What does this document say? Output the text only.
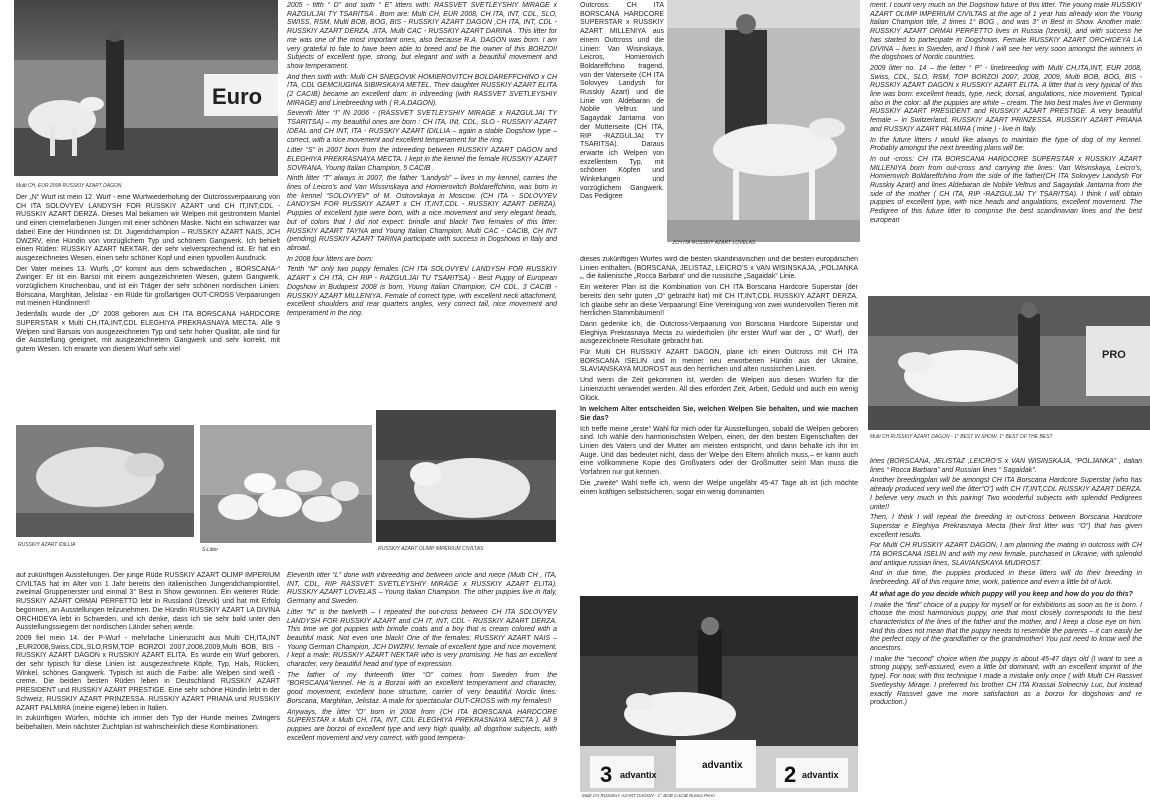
Euro
Multi CH, EUR 2008 RUSSKIY AZART DAGON
RUSSKIY AZART IDILLIA
S-Litter	RUSSKIY AZART OLIMP IMPERIUM CIVILTAS
JCH ITA RUSSKIY AZART LOVELAS
PRO
Multi CH RUSSKIY AZART DAGON - 1° BEST IN SHOW, 1° BEST OF THE BEST
3 advantix
advantix 2 advantix
Multi CH RUSSKIY AZART DAGON - 1° BOB CACIB Russia Perm

Der „N“ Wurf ist mein 12. Wurf - eine Wurfwiederholung der Outcrossverpaarung von CH ITA SOLOVYEV LANDYSH FOR RUSSKIY AZART und CH IT,INT,CDL - RUSSKIY AZART DERZA. Dieses Mal bekamen wir Welpen mit gestromtem Mantel und einen cremefarbenen Jungen mit einer schönen Maske. Nicht ein schwarzer war dabei! Eine der Hündinnen ist: Dt. Jugendchampion – RUSSKIY AZART NAIS, JCH DWZRV, eine Hündin von vorzüglichem Typ und schönem Gangwerk. Ich behielt einen Rüden: RUSSKIY AZART NEKTAR, der sehr vielversprechend ist. Er hat ein ausgezeichnetes Wesen, einen sehr schöner Kopf und einen typvollen Ausdruck.

Der Vater meines 13. Wurfs „O“ kommt aus dem schwedischen „ BORSCANA-“ Zwinger. Er ist ein Barsoi mit einem ausgezeichneten Wesen, gutem Gangwerk, vorzüglichem Knochenbau, und ist ein Träger der sehr schönen nordischen Linien: Borscana, Marghitan, Jelistaz - ein Rüde für großartigen OUT-CROSS Verpaarungen mit meinen Hündinnen!!

Jedenfalls wurde der „O“ 2008 geboren aus CH ITA BORSCANA HARDCORE SUPERSTAR x Multi CH,ITA,INT,CDL ELEGHIYA PREKRASNAYA MECTA. Alle 9 Welpen sind Barsois von ausgezeichneten Typ und sehr hoher Qualität, alle sind für die Ausstellung geeignet, mit ausgezeichnetem Gangwerk und sehr korrekt, mit gutem Wesen. Ich erwarte von diesem Wurf sehr viel

auf zukünftigen Ausstellungen. Der junge Rüde RUSSKIY AZART OLIMP IMPERIUM CIVILTAS hat im Alter von 1 Jahr bereits den italienischen Jungendchampiontitel, zweimal Gruppenerster und einmal 3° Best in Show gewonnen. Ein weiterer Rüde: RUSSKIY AZART ORMAI PERFETTO lebt in Russland (Izevsk) und hat mit Erfolg begonnen, an Ausstellungen teilzunehmen. Die Hündin RUSSKIY AZART LA DIVINA ORCHIDEYA lebt in Schweden, und ich denke, dass ich sie sehr bald unter den Ausstellungssiegern der nordischen Länder sehen werde.

2009 fiel mein 14. der P-Wurf - mehrfache Linienzucht aus Multi CH,ITA,INT „EUR2008,Swiss,CDL,SLO,RSM,TOP BORZOI 2007,2008,2009,Multi BOB, BIS - RUSSKIY AZART DAGON x RUSSKIY AZART ELITA. Es wurde ein Wurf geboren, der sehr typisch für diese Linien ist: ausgezeichnete Köpfe, Typ, Hals, Rücken, Winkel, schönes Gangwerk. Typisch ist auch die Farbe: alle Welpen sind weiß - creme. Die beiden besten Rüden leben in Deutschland RUSSKIY AZART PRESIDENT und RUSSKIY AZART PRESTIGE. Eine sehr schöne Hündin lebt in der Schweiz, RUSSKIY AZART PRINZESSA. RUSSKIY AZART PRIANA und RUSSKIY AZART PALMIRA (meine eigene) leben in Italien.

In zukünftigen Würfen, möchte ich immer den Typ der Hunde meines Zwingers beibehalten. Mein nächster Zuchtplan ist wahrscheinlich diese Kombinationen:

2005 - fifth “ D” and sixth “ E” litters with: RASSVET SVETLEYSHIY MIRAGE x RAZGULJAI TY TSARITSA . Born are: Multi CH, EUR 2008, CH ITA, INT, CDL, SLO, SWISS, RSM, Multi BOB, BOG, BIS - RUSSKIY AZART DAGON ,CH ITA, INT, CDL -RUSSKIY AZART DERZA, JITA, Multi CAC - RUSSKIY AZART DARINA . This litter for me was one of the most important ones, also because R.A. DAGON was born. I am very grateful to fate to have been able to breed and be the owner of this BORZOI! Subjects of excellent type, strong, but elegant and with a beautiful movement and show temperament.

And then sixth with: Multi CH SNEGOVIK HOMIEROVITCH BOLDAREFFCHINO x CH ITA, CDL GEMCIUGINA SIBIRSKAYA METEL. Their daughter RUSSKIY AZART ELITA (2 CACIB) became an excellent dam: in inbreeding (with RASSVET SVETLEYSHIY MIRAGE) and Linebreeding with ( R.A.DAGON).

Seventh litter “I” IN 2006 - (RASSVET SVETLEYSHIY MIRAGE x RAZGULJAI TY TSARITSA) – my beautiful ones are born : CH ITA, INt, CDL, SLO - RUSSKIY AZART IDEAL and CH INT, ITA - RUSSKIY AZART IDILLIA – again a stable Dogshow type – correct, with a nice movement and excellent temperament for the ring.

Litter “S” in 2007 born from the inbreeding between RUSSKIY AZART DAGON and ELEGHIYA PREKRASNAYA MECTA. I kept in the kennel the female RUSSKIY AZART SOVRANA, Young Italian Champion, 5 CACIB .

Ninth litter “T” always in 2007, the father “Landysh” – lives in my kennel, carries the lines of Leicro’s and Van Wissinskaya and Homierovitch Boldareffchino, was born in the kennel “SOLOVYEV” of M. Ostrovskaya in Moscow. (CH ITA - SOLOVYEV LANDYSH FOR RUSSKIY AZART x CH IT,INT,CDL - RUSSKIY AZART DERZA). Puppies of excellent type were born, with a nice movement and very elegant heads, but of colors that I did not expect: brindle and black! Two females of this litter: RUSSKIY AZART TAYNA and Young Italian Champion, Multi CAC - CACIB, CH INT (pending) RUSSKIY AZART TARINA participate with success in Dogshows in Italy and abroad.

In 2008 four litters are born:

Tenth “M” only two puppy females (CH ITA SOLOVYEV LANDYSH FOR RUSSKIY AZART x CH ITA, CH RIP - RAZGULJAI TU TSARITSA) - Best Puppy of European Dogshow in Budapest 2008 is born, Young Italian Champion, CH CDL, 3 CACIB -RUSSKIY AZART MILLENIYA. Female of correct type, with excellent neck attachment, excellent shoulders and rear quarters angles, very correct tail, nice movement and temperament in the ring.

Eleventh litter “L” done with inbreeding and between uncle and niece (Multi CH , ITA, INT, CDL, RIP RASSVET SVETLEYSHIY MIRAGE x RUSSKIY AZART ELITA). RUSSKIY AZART LOVELAS – Young Italian Champion. The other puppies live in Italy, Germany and Sweden.

Litter “N” is the twelveth – I repeated the out-cross between CH ITA SOLOVYEV LANDYSH FOR RUSSKIY AZART and CH IT, INT, CDL - RUSSKIY AZART DERZA. This time we got puppies with brindle coats and a boy that is cream colored with a beautiful mask. Not even one black! One of the females: RUSSKIY AZART NAIS – Young German Champion, JCH DWZRV, female of excellent type and nice movement. I kept a male: RUSSKIY AZART NEKTAR who is very promising. He has an excellent character, very beautiful head and type of expression.

The father of my thirteenth litter “O” comes from Sweden from the “BORSCANA”kennel. He is a Borzoi with an excellent temperament and character, good movement, excellent bone structure, carrier of very beautiful Nordic lines: Borscana, Marghitan, Jelistaz. A male for spectacular OUT-CROSS with my females!!

Anyways, the litter “O” born in 2008 from (CH ITA BORSCANA HARDCORE SUPERSTAR x Multi CH, ITA, INT, CDL ELEGHIYA PREKRASNAYA MECTA ). All 9 puppies are borzoi of excellent type and very high quality, all dogshow subjects, with excellent movement and very correct, with good tempera-

Outcross: CH ITA BORSCANA HARDCORE SUPERSTAR x RUSSKIY AZART MILLENIYA aus einem Outcross und die Linien: Van Wisinskaya, Leicros, Homierovich Boldareffchino tragend, von der Vaterseite (CH ITA Solovyev Landysh for Russkiy Azart) und die Linie von Aldebaran de Nobile Veltrus und Sagaydak Jantarna von der Mutterseite (CH ITA, RIP -RAZGULJAI TY TSARITSA). Daraus erwarte ich Welpen von exzellentem Typ, mit schönen Köpfen und Winkelungen und vorzüglichem Gangwerk. Das Pedigree

dieses zukünftigen Wurfes wird die besten skandinavischen und die besten europäischen Linien enthalten. (BORSCANA, JELISTAZ, LEICRO'S x VAN WISINSKAJA, „POLJANKA „, die italienische „Rocca Barbara“ und die russische „Sagaidak“ Linie.

Ein weiterer Plan ist die Kombination von CH ITA Borscana Hardcore Superstar (der bereits den sehr guten „O“ gebracht hat) mit CH IT,INT,CDL RUSSKIY AZART DERZA. Ich glaube sehr an diese Verpaarung! Eine Vereinigung von zwei wundervollen Tieren mit herrlichen Stammbäumen!!

Dann gedenke ich, die Outcross-Verpaarung von Borscana Hardcore Superstar und Eleghiya Prekrasnaya Mecta zu wiederholen (ihr erster Wurf war der „ O“ Wurf), der ausgezeichnete Resultate gebracht hat.

Für Multi CH RUSSKIY AZART DAGON, plane ich einen Outcross mit CH ITA BORSCANA ISELIN und in meiner neu erworbenen Hündin aus der Ukraine, SLAVIANSKAYA MUDROST aus den herrlichen und alten russischen Linien.

Und wenn die Zeit gekommen ist, werden die Welpen aus diesen Würfen für die Linienzucht verwendet werden. All dies erfordert Zeit, Arbeit, Geduld und auch ein wenig Glück.

In welchem Alter entscheiden Sie, welchen Welpen Sie behalten, und wie machen Sie das?

Ich treffe meine „erste“ Wahl für mich oder für Ausstellungen, sobald die Welpen geboren sind. Ich wähle den harmonischsten Welpen, einen, der den besten Eigenschaften der Linien des Vaters und der Mutter am meisten entspricht, und dann behalte ich ihn im Auge. Und das bedeutet nicht, dass der Welpe den Eltern ähnlich muss,– er kann auch eine vollkommene Kopie des Großvaters oder der Großmutter sein! Man muss die Vorfahren nur gut kennen.

Die „zweite“ Wahl treffe ich, wenn der Welpe ungefähr 45-47 Tage alt ist (ich möchte einen kräftigen selbstsicheren, sogar ein wenig dominanten

ment. I count very much on the Dogshow future of this litter. The young male RUSSKIY AZART OLIMP IMPERIUM CIVILTAS at the age of 1 year has already won the Young Italian Champion title, 2 times 1° BOG , and was 3° in Best in Show. Another male: RUSSKIY AZART ORMAI PERFETTO lives in Russia (Izevsk), and with success he has started to partecipate in Dogshows. Female RUSSKIY AZART ORCHIDEYA LA DIVINA – lives in Sweden, and I think I will see her very soon amongst the winners in the dogshows of Nordic countries.

2009 litter no. 14 – the letter “ P” - linebreeding with Multi CH,ITA,INT, EUR 2008, Swiss, CDL, SLO, RSM, TOP BORZOI 2007, 2008, 2009, Multi BOB, BOG, BIS - RUSSKIY AZART DAGON x RUSSKIY AZART ELITA. A litter that is very typical of this line was born: excellent heads, type, neck, dorsal, angulations, nice movement. Typical also in the color: all the puppies are white – cream. The two best males live in Germany RUSSKIY AZART PRESIDENT and RUSSKIY AZART PRESTIGE. A very beautiful female – in Switzerland, RUSSKIY AZART PRINZESSA. RUSSKIY AZART PRIANA and RUSSKIY AZART PALMIRA ( mine ) - live in Italy.

In the future litters I would like always to maintain the type of dog of my kennel. Probably amongst the next breeding plans will be:

In out -cross: CH ITA BORSCANA HARDCORE SUPERSTAR x RUSSKIY AZART MILLENIYA born from out-cross and carrying the lines: Van Wisinskaya, Leicro’s, Homierovich Boldareffchino from the side of the father(CH ITA Solovyev Landysh For Russkiy Azart) and lines Aldebaran de Nobile Veltrus and Sagaydak Jantarna from the side of the mother ( CH ITA, RIP -RAZGULJAI TY TSARITSA). I think I will obtain puppies of excellent type, with nice heads and angulations, excellent movement. The Pedigree of this future litter to comprise the best scandinavian lines and the best european

lines (BORSCANA, JELISTAZ ,LEICRO’S x VAN WISINSKAJA, “POLJANKA” , italian lines “ Rocca Barbara” and Russian lines “ Sagaidak”.

Another breedingplan will be amongst CH ITA Borscana Hardcore Superstar (who has already produced very well the litter“O”) with CH IT,INT,CDL RUSSKIY AZART DERZA. I believe very much in this pairing! Two wonderful subjects with splendid Pedigrees unite!!

Then, I think I will repeat the breeding in out-cross between Borscana Hardcore Superstar e Eleghiya Prekrasnaya Mecta (their first litter was “O”) that has given excellent results.

For Multi CH RUSSKIY AZART DAGON, I am planning the mating in outcross with CH ITA BORSCANA ISELIN and with my new female, purchased in Ukraine, with splendid and antique russian lines, SLAVIANSKAYA MUDROST.

And in due time, the puppies produced in these litters will do their breeding in linebreeding. All of this require time, work, patience and even a little bit of luck.

At what age do you decide which puppy will you keep and how do you do this?

I make the “first” choice of a puppy for myself or for exhibitions as soon as he is born. I choose the most harmonious puppy, one that most closely corresponds to the best characteristics of the lines of the father and the mother, and I keep a close eye on him. And this does not mean that the puppy needs to resemble the parents – it can easily be the perfect copy of the grandfather or the grandmother! You just need to know well the ancestors.

I make the “second” choice when the puppy is about 45-47 days old (I want to see a strong puppy, self-assured, even a little bit dominant, with an excellent imprint of the type). For now, with this technique I made a mistake only once ( with Multi CH Rassvet Svetleyshiy Mirage. I preferred his brother CH ITA Krassai Solnecniy Luc, but instead exactly Rassvet gave me more satisfaction as a borzoi for dogshows and re production.)
